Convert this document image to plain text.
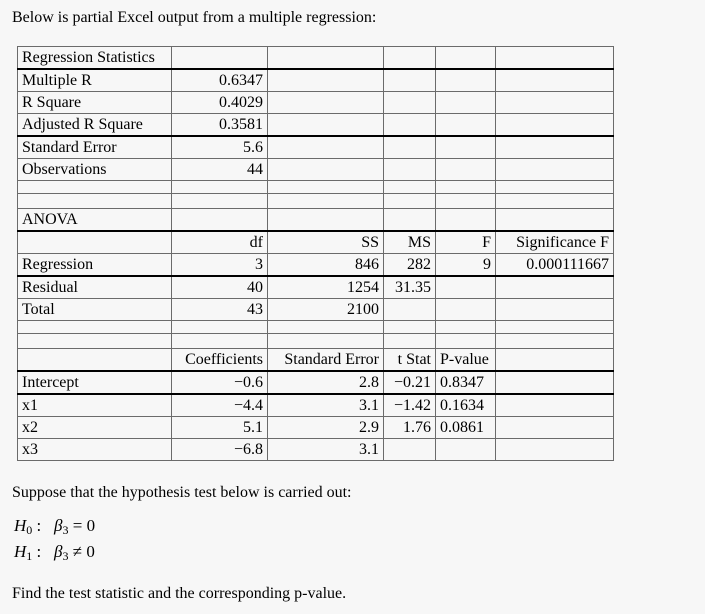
Below is partial Excel output from a multiple regression:
Regression Statistics					
Multiple R	0.6347				
R Square	0.4029				
Adjusted R Square	0.3581				
Standard Error	5.6				
Observations	44				

ANOVA					
	df	SS	MS	F	Significance F
Regression	3	846	282	9	0.000111667
Residual	40	1254	31.35		
Total	43	2100			

	Coefficients	Standard Error	t Stat	P-value	
Intercept	−0.6	2.8	−0.21	0.8347	
x1	−4.4	3.1	−1.42	0.1634	
x2	5.1	2.9	1.76	0.0861	
x3	−6.8	3.1			
Suppose that the hypothesis test below is carried out:
$H_0$ : $\beta_3 = 0$
$H_1$ : $\beta_3 \ne 0$
Find the test statistic and the corresponding p-value.
